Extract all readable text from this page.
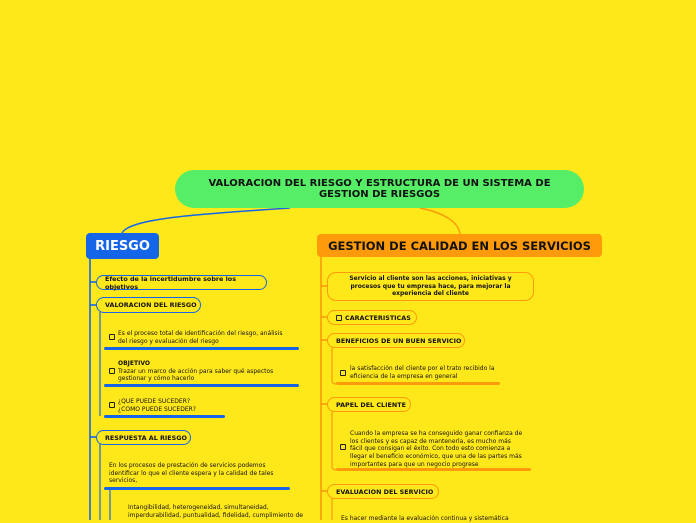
VALORACION DEL RIESGO Y ESTRUCTURA DE UN SISTEMA DE GESTION DE RIESGOS
RIESGO
Efecto de la incertidumbre sobre los objetivos
VALORACION DEL RIESGO
Es el proceso total de identificación del riesgo, análisis del riesgo y evaluación del riesgo
OBJETIVO
Trazar un marco de acción para saber qué aspectos gestionar y cómo hacerlo
¿QUE PUEDE SUCEDER?
¿COMO PUEDE SUCEDER?
RESPUESTA AL RIESGO
En los procesos de prestación de servicios podemos identificar lo que el cliente espera y la calidad de tales servicios,
Intangibilidad, heterogeneidad, simultaneidad, imperdurabilidad, puntualidad, fidelidad, cumplimiento de
GESTION DE CALIDAD EN LOS SERVICIOS
Servicio al cliente son las acciones, iniciativas y procesos que tu empresa hace, para mejorar la experiencia del cliente
CARACTERISTICAS
BENEFICIOS DE UN BUEN SERVICIO
la satisfacción del cliente por el trato recibido la eficiencia de la empresa en general
PAPEL DEL CLIENTE
Cuando la empresa se ha conseguido ganar confianza de los clientes y es capaz de mantenerla, es mucho más fácil que consigan el éxito. Con todo esto comienza a llegar el beneficio económico, que una de las partes más importantes para que un negocio progrese
EVALUACION DEL SERVICIO
Es hacer mediante la evaluación continua y sistemática
